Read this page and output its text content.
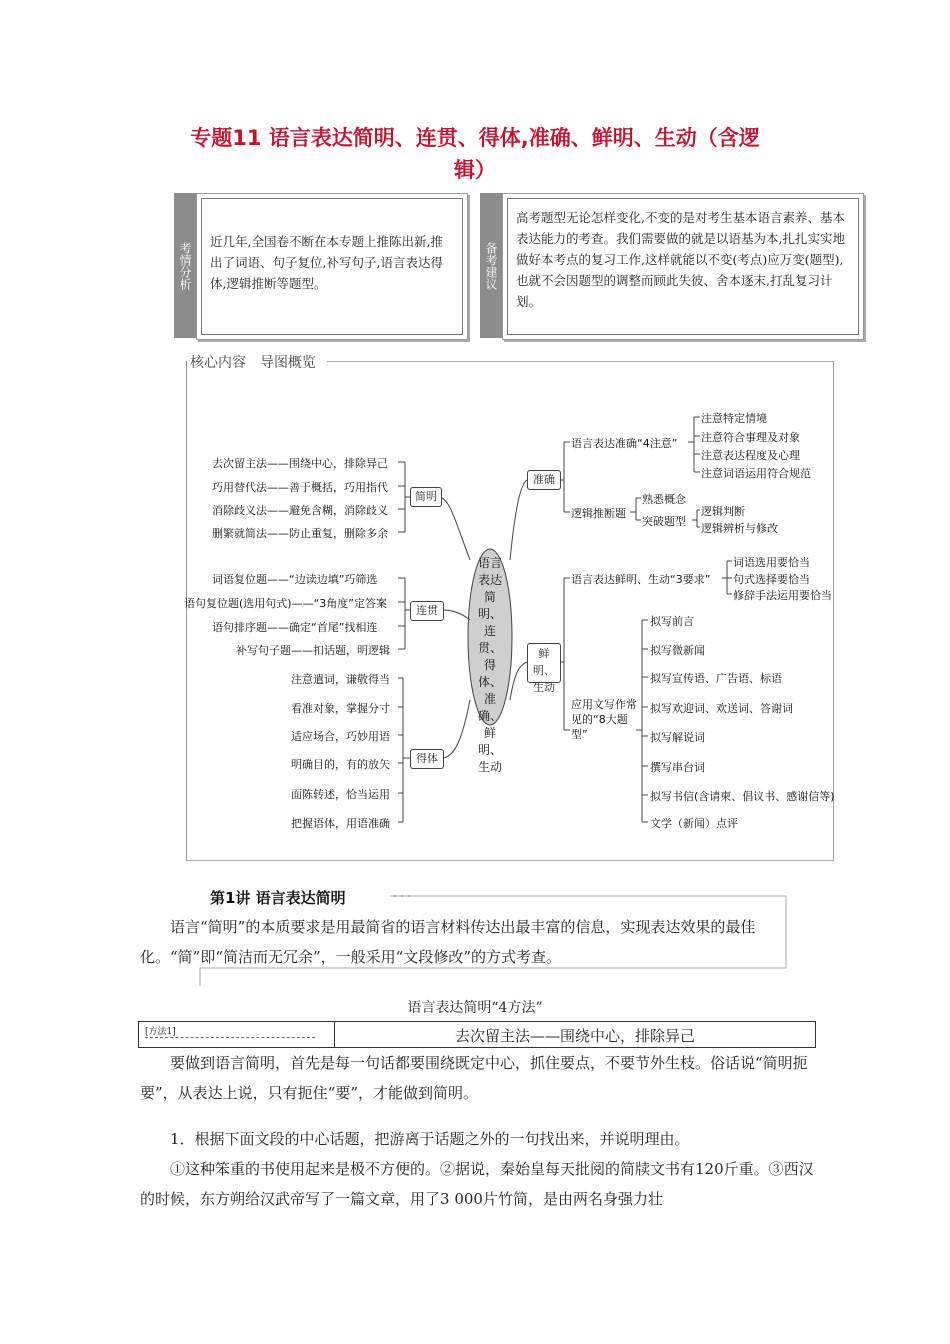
专题11 语言表达简明、连贯、得体,准确、鲜明、生动（含逻
辑）
考情分析	近几年,全国卷不断在本专题上推陈出新,推出了词语、句子复位,补写句子,语言表达得体,逻辑推断等题型。	备考建议
高考题型无论怎样变化,不变的是对考生基本语言素养、基本表达能力的考查。我们需要做的就是以语基为本,扎扎实实地做好本考点的复习工作,这样就能以不变(考点)应万变(题型),也就不会因题型的调整而顾此失彼、舍本逐末,打乱复习计划。
核心内容　导图概览
语言表达简明、连贯、得体、准确、鲜明、生动
简明
去次留主法——围绕中心，排除异己
巧用替代法——善于概括，巧用指代
消除歧义法——避免含糊，消除歧义
删繁就简法——防止重复，删除多余
连贯
词语复位题——“边读边填”巧筛选
语句复位题(选用句式)——“3角度”定答案
语句排序题——确定“首尾”找相连
补写句子题——扣话题，明逻辑
得体
注意遣词，谦敬得当
看准对象，掌握分寸
适应场合，巧妙用语
明确目的，有的放矢
面陈转述，恰当运用
把握语体，用语准确
准确
语言表达准确“4注意”
注意特定情境
注意符合事理及对象
注意表达程度及心理
注意词语运用符合规范
逻辑推断题
熟悉概念
突破题型
逻辑判断
逻辑辨析与修改
鲜明、生动
语言表达鲜明、生动“3要求”
词语选用要恰当
句式选择要恰当
修辞手法运用要恰当
应用文写作常见的“8大题型”
拟写前言
拟写微新闻
拟写宣传语、广告语、标语
拟写欢迎词、欢送词、答谢词
拟写解说词
撰写串台词
拟写书信(含请柬、倡议书、感谢信等)
文学（新闻）点评
第1讲 语言表达简明
语言“简明”的本质要求是用最简省的语言材料传达出最丰富的信息，实现表达效果的最佳化。“简”即“简洁而无冗余”，一般采用“文段修改”的方式考查。
语言表达简明“4方法”
[方法1]	去次留主法——围绕中心，排除异己
要做到语言简明，首先是每一句话都要围绕既定中心，抓住要点，不要节外生枝。俗话说“简明扼要”，从表达上说，只有扼住“要”，才能做到简明。
1．根据下面文段的中心话题，把游离于话题之外的一句找出来，并说明理由。
①这种笨重的书使用起来是极不方便的。②据说，秦始皇每天批阅的简牍文书有120斤重。③西汉的时候，东方朔给汉武帝写了一篇文章，用了3 000片竹简，是由两名身强力壮
